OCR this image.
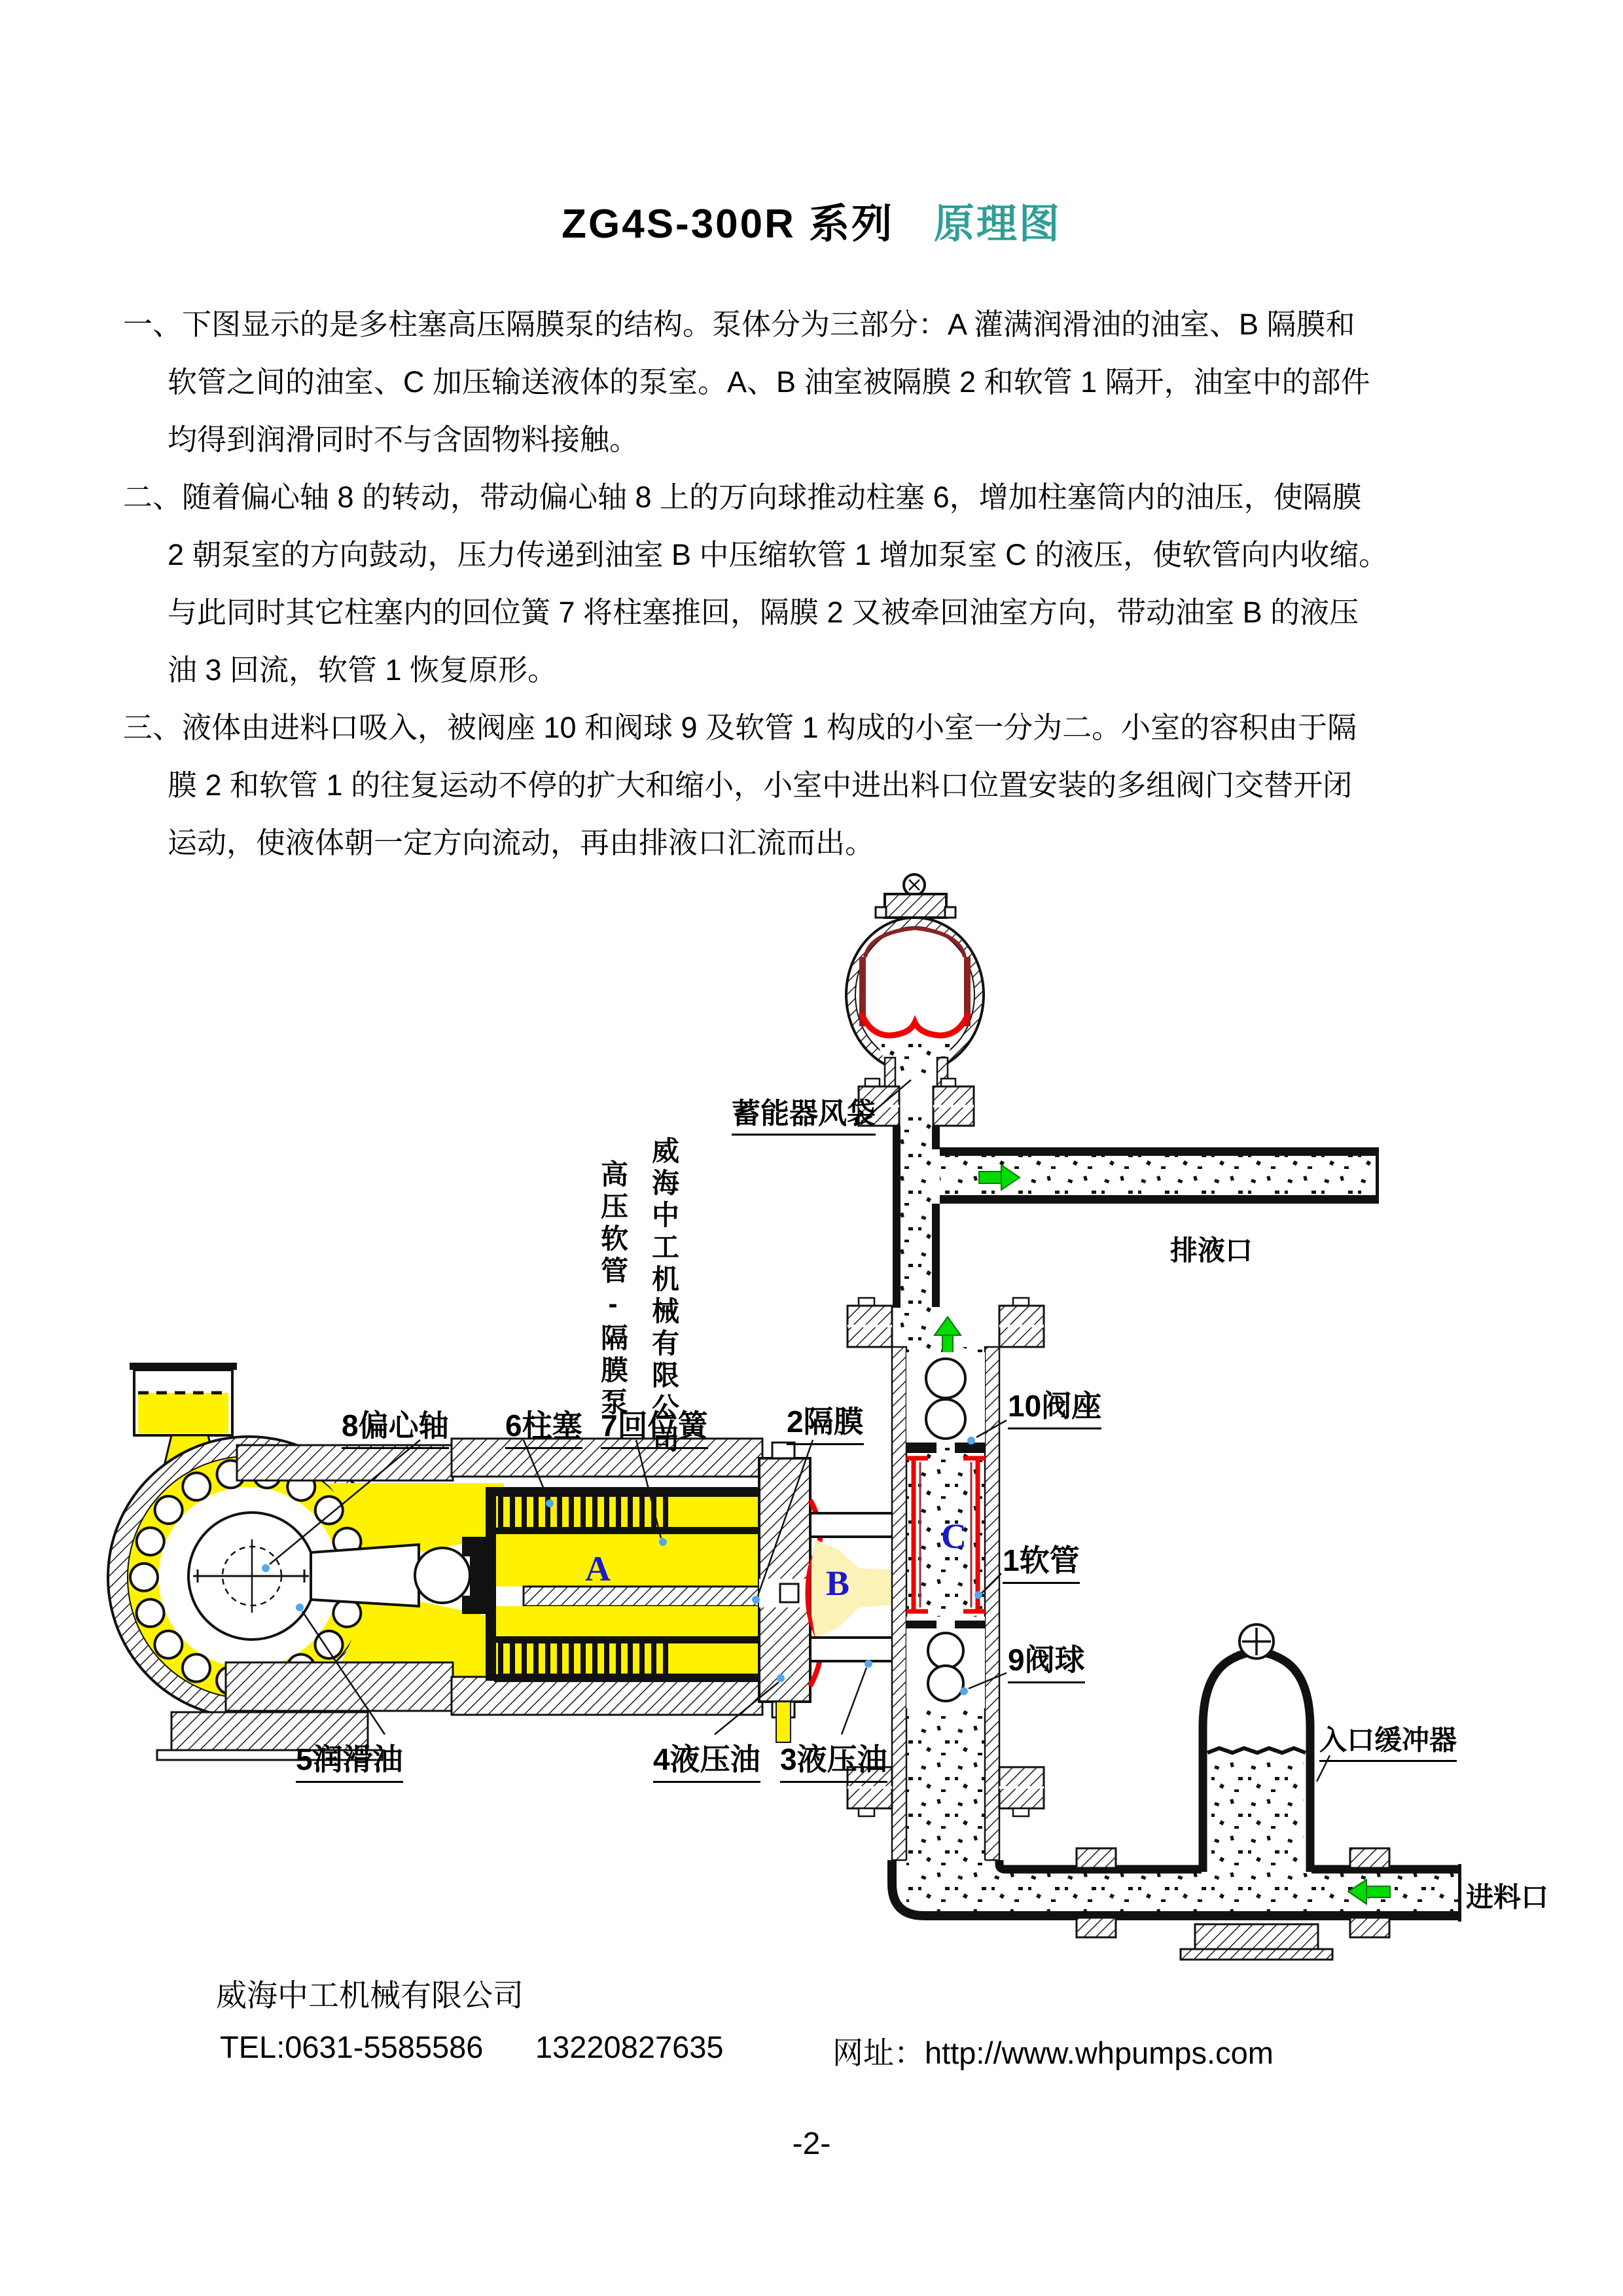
ZG4S-300R 系列 原理图
一、下图显示的是多柱塞高压隔膜泵的结构。泵体分为三部分：A 灌满润滑油的油室、B 隔膜和
软管之间的油室、C 加压输送液体的泵室。A、B 油室被隔膜 2 和软管 1 隔开，油室中的部件
均得到润滑同时不与含固物料接触。
二、随着偏心轴 8 的转动，带动偏心轴 8 上的万向球推动柱塞 6，增加柱塞筒内的油压，使隔膜
2 朝泵室的方向鼓动，压力传递到油室 B 中压缩软管 1 增加泵室 C 的液压，使软管向内收缩。
与此同时其它柱塞内的回位簧 7 将柱塞推回，隔膜 2 又被牵回油室方向，带动油室 B 的液压
油 3 回流，软管 1 恢复原形。
三、液体由进料口吸入，被阀座 10 和阀球 9 及软管 1 构成的小室一分为二。小室的容积由于隔
膜 2 和软管 1 的往复运动不停的扩大和缩小，小室中进出料口位置安装的多组阀门交替开闭
运动，使液体朝一定方向流动，再由排液口汇流而出。
8偏心轴 6柱塞 7回位簧	2隔膜	10阀座
1软管
9阀球
5润滑油	4液压油 3液压油
蓄能器风袋
排液口
入口缓冲器
进料口
A	B
C
威海中工机械有限公司
高压软管-隔膜泵
威海中工机械有限公司
TEL:0631-5585586 13220827635	网址：http://www.whpumps.com
-2-
